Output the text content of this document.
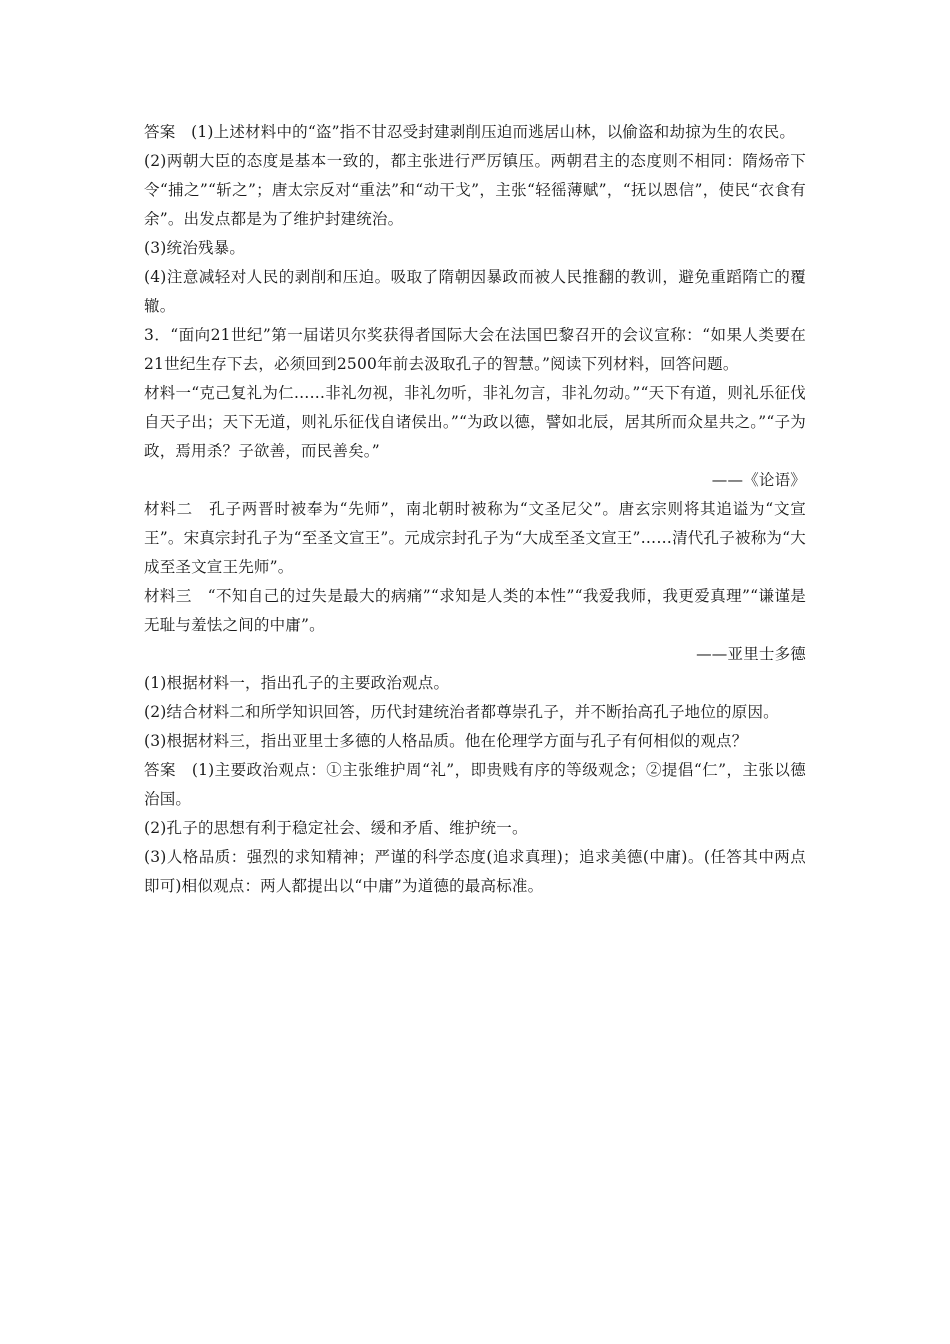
答案　(1)上述材料中的“盗”指不甘忍受封建剥削压迫而逃居山林，以偷盗和劫掠为生的农民。

(2)两朝大臣的态度是基本一致的，都主张进行严厉镇压。两朝君主的态度则不相同：隋炀帝下令“捕之”“斩之”；唐太宗反对“重法”和“动干戈”，主张“轻徭薄赋”，“抚以恩信”，使民“衣食有余”。出发点都是为了维护封建统治。

(3)统治残暴。

(4)注意减轻对人民的剥削和压迫。吸取了隋朝因暴政而被人民推翻的教训，避免重蹈隋亡的覆辙。

3．“面向21世纪”第一届诺贝尔奖获得者国际大会在法国巴黎召开的会议宣称：“如果人类要在21世纪生存下去，必须回到2500年前去汲取孔子的智慧。”阅读下列材料，回答问题。

材料一“克己复礼为仁……非礼勿视，非礼勿听，非礼勿言，非礼勿动。”“天下有道，则礼乐征伐自天子出；天下无道，则礼乐征伐自诸侯出。”“为政以德，譬如北辰，居其所而众星共之。”“子为政，焉用杀？子欲善，而民善矣。”

——《论语》

材料二　孔子两晋时被奉为“先师”，南北朝时被称为“文圣尼父”。唐玄宗则将其追谥为“文宣王”。宋真宗封孔子为“至圣文宣王”。元成宗封孔子为“大成至圣文宣王”……清代孔子被称为“大成至圣文宣王先师”。

材料三　“不知自己的过失是最大的病痛”“求知是人类的本性”“我爱我师，我更爱真理”“谦谨是无耻与羞怯之间的中庸”。

——亚里士多德

(1)根据材料一，指出孔子的主要政治观点。

(2)结合材料二和所学知识回答，历代封建统治者都尊崇孔子，并不断抬高孔子地位的原因。

(3)根据材料三，指出亚里士多德的人格品质。他在伦理学方面与孔子有何相似的观点？

答案　(1)主要政治观点：①主张维护周“礼”，即贵贱有序的等级观念；②提倡“仁”，主张以德治国。

(2)孔子的思想有利于稳定社会、缓和矛盾、维护统一。

(3)人格品质：强烈的求知精神；严谨的科学态度(追求真理)；追求美德(中庸)。(任答其中两点即可)相似观点：两人都提出以“中庸”为道德的最高标准。
